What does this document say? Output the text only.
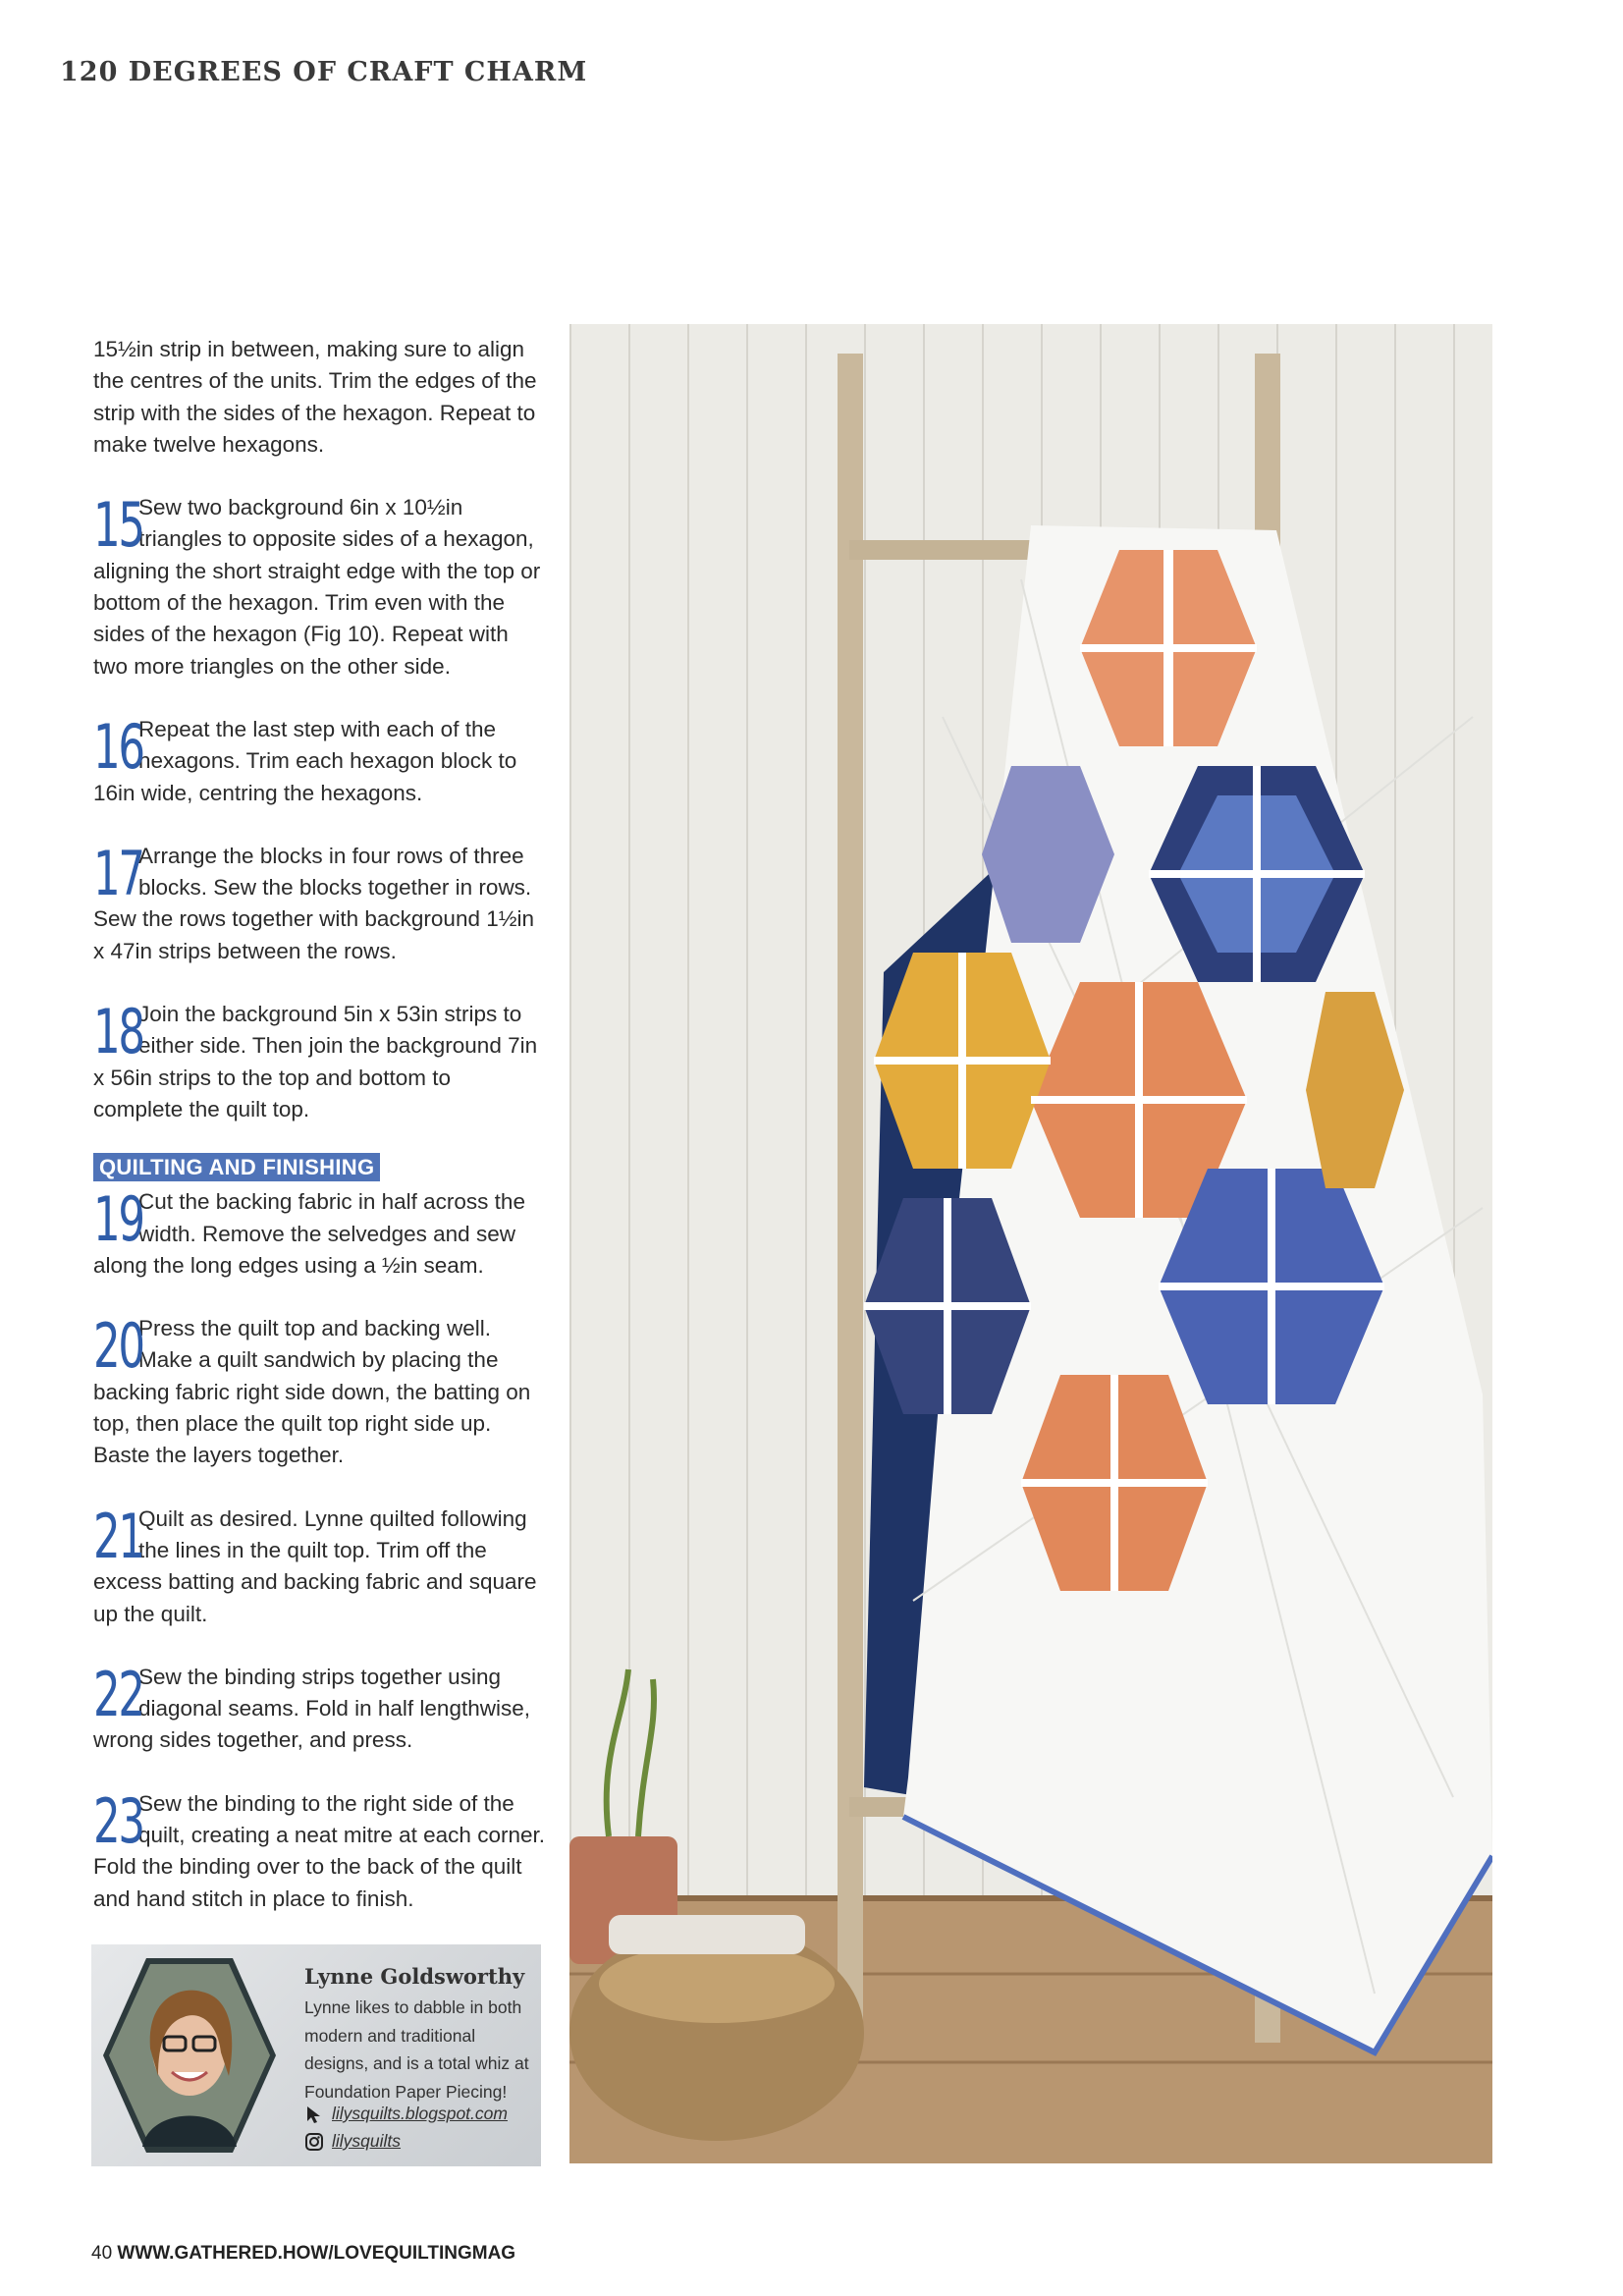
120 DEGREES OF CRAFT CHARM

15½in strip in between, making sure to align the centres of the units. Trim the edges of the strip with the sides of the hexagon. Repeat to make twelve hexagons.

15
Sew two background 6in x 10½in triangles to opposite sides of a hexagon, aligning the short straight edge with the top or bottom of the hexagon. Trim even with the sides of the hexagon (Fig 10). Repeat with two more triangles on the other side.
16
Repeat the last step with each of the hexagons. Trim each hexagon block to 16in wide, centring the hexagons.
17
Arrange the blocks in four rows of three blocks. Sew the blocks together in rows. Sew the rows together with background 1½in x 47in strips between the rows.
18
Join the background 5in x 53in strips to either side. Then join the background 7in x 56in strips to the top and bottom to complete the quilt top.
QUILTING AND FINISHING
19
Cut the backing fabric in half across the width. Remove the selvedges and sew along the long edges using a ½in seam.
20
Press the quilt top and backing well. Make a quilt sandwich by placing the backing fabric right side down, the batting on top, then place the quilt top right side up. Baste the layers together.
21
Quilt as desired. Lynne quilted following the lines in the quilt top. Trim off the excess batting and backing fabric and square up the quilt.
22
Sew the binding strips together using diagonal seams. Fold in half lengthwise, wrong sides together, and press.
23
Sew the binding to the right side of the quilt, creating a neat mitre at each corner. Fold the binding over to the back of the quilt and hand stitch in place to finish.
Lynne Goldsworthy
Lynne likes to dabble in both modern and traditional designs, and is a total whiz at Foundation Paper Piecing!
lilysquilts.blogspot.com
lilysquilts
40 WWW.GATHERED.HOW/LOVEQUILTINGMAG
